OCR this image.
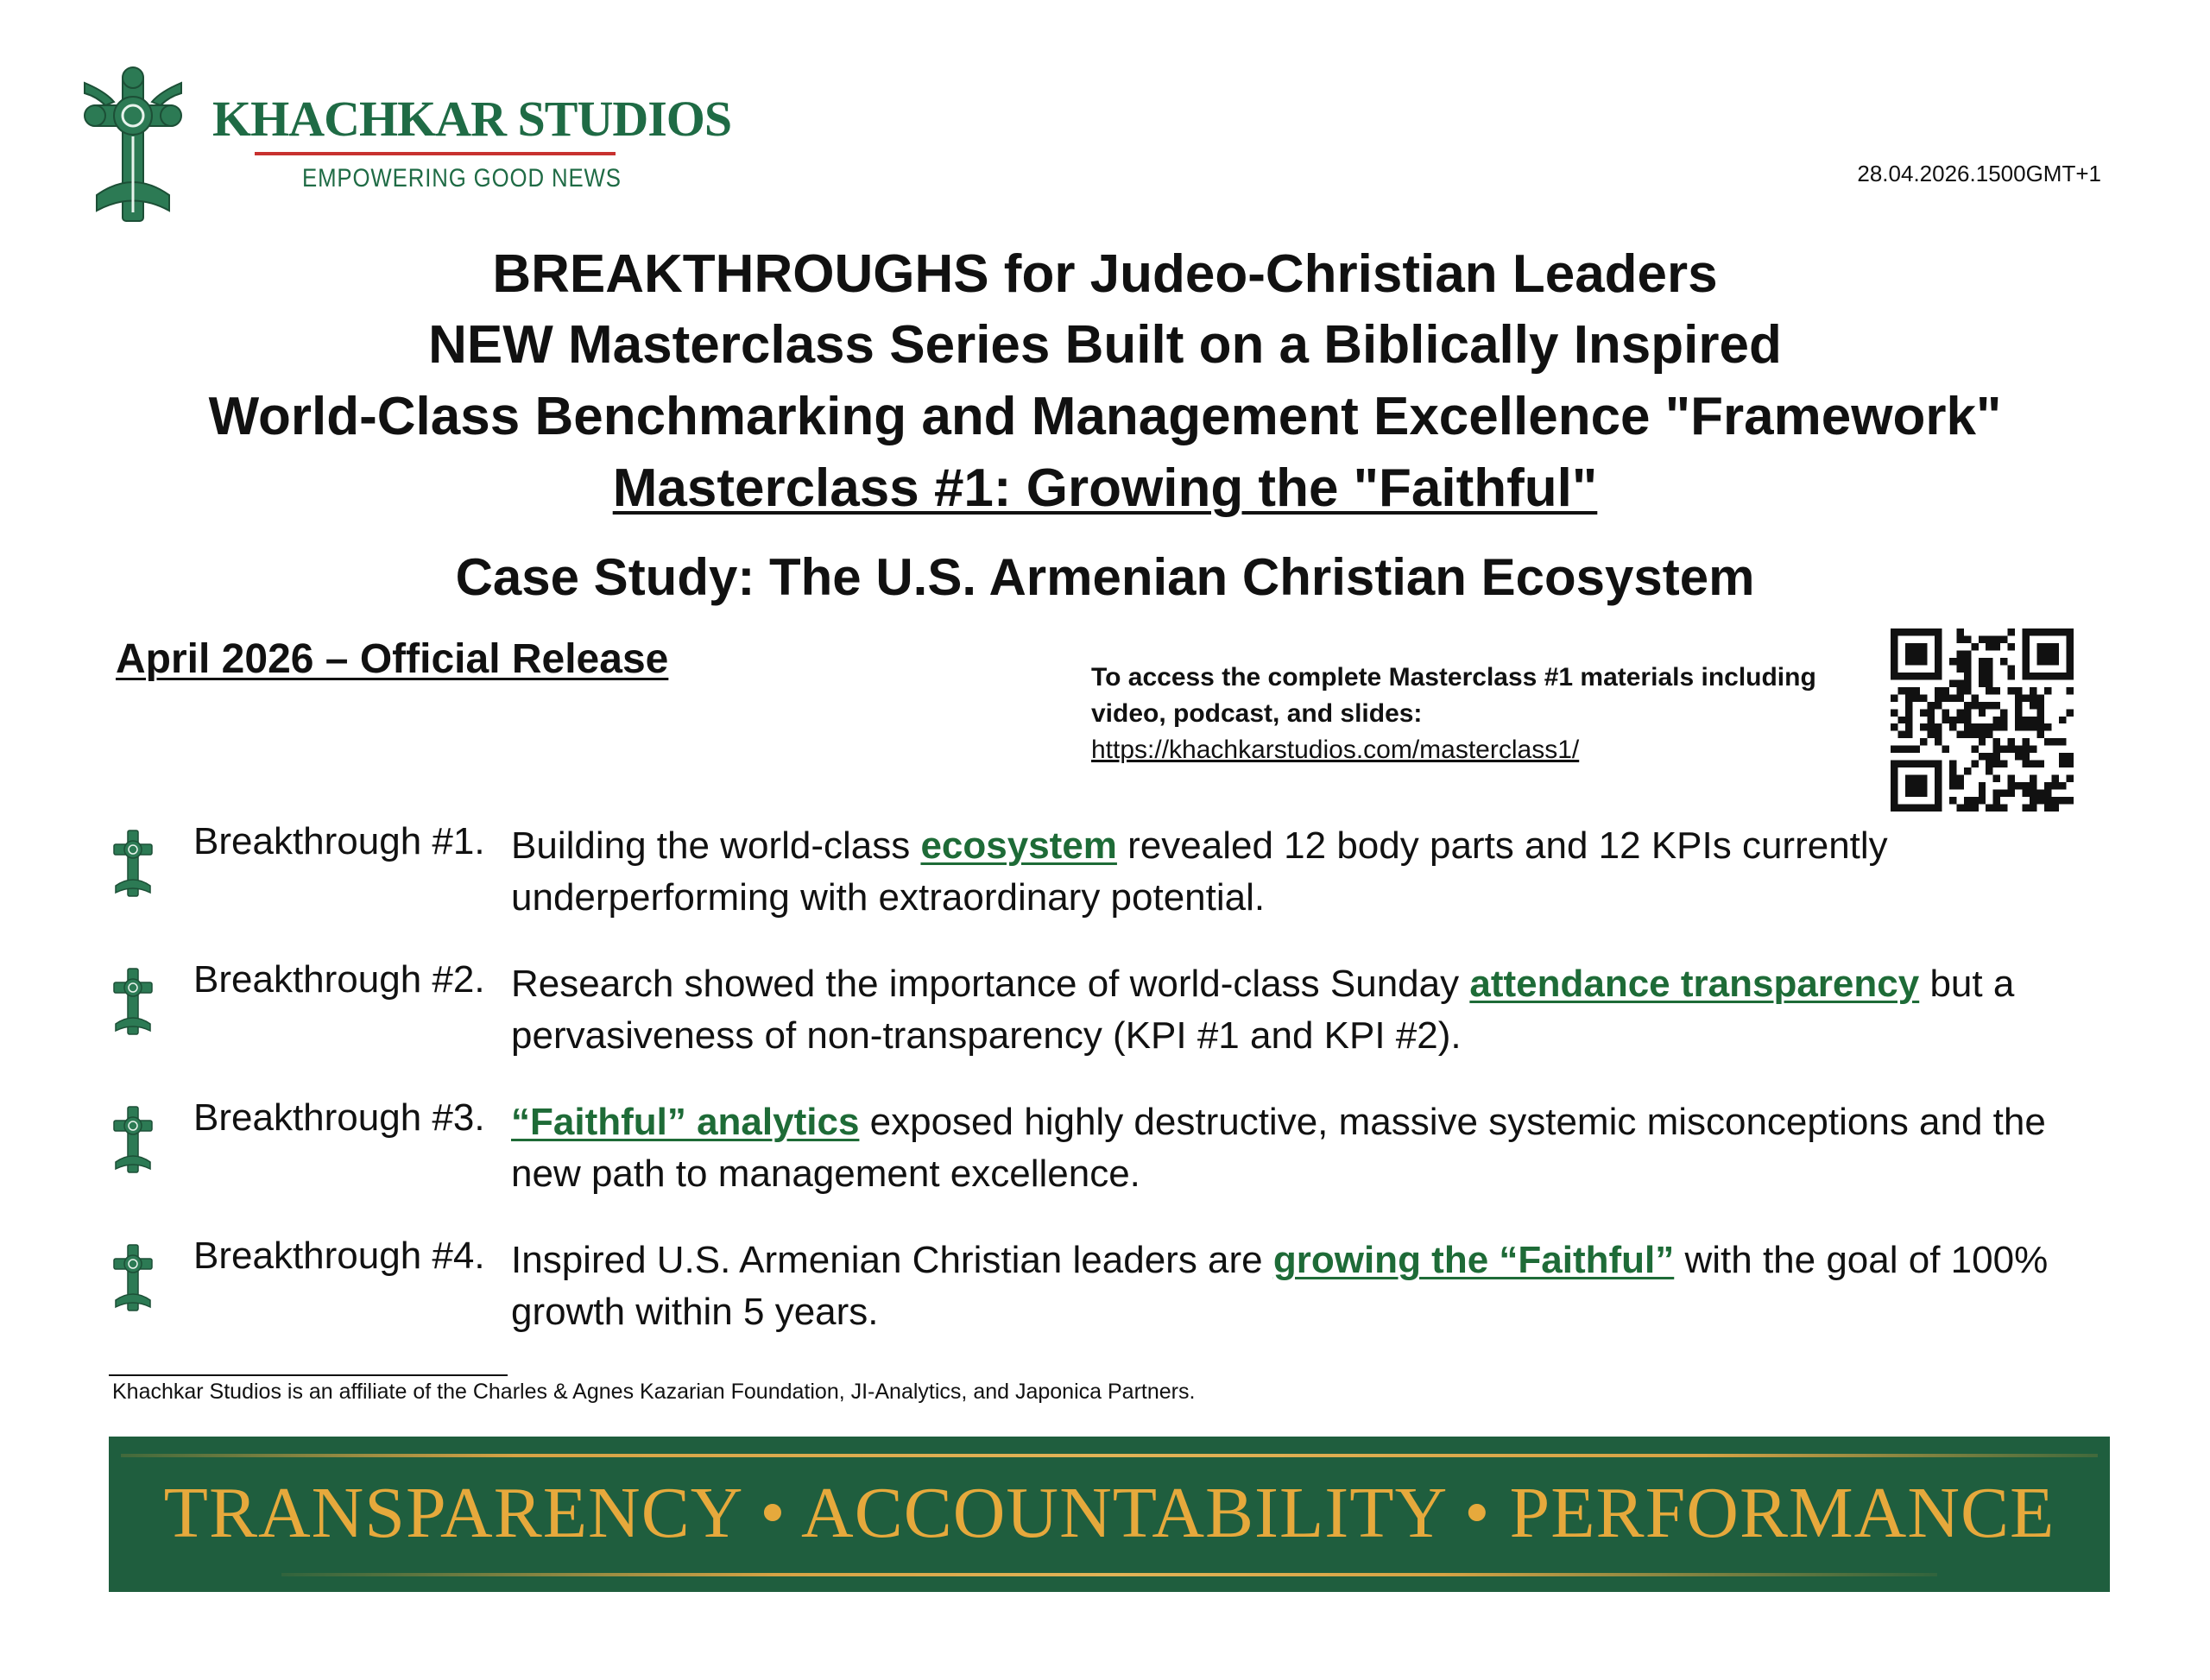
KHACHKAR STUDIOS
EMPOWERING GOOD NEWS	28.04.2026.1500GMT+1
BREAKTHROUGHS for Judeo-Christian Leaders
NEW Masterclass Series Built on a Biblically Inspired
World-Class Benchmarking and Management Excellence "Framework"
Masterclass #1: Growing the "Faithful"
Case Study: The U.S. Armenian Christian Ecosystem
April 2026 – Official Release	To access the complete Masterclass #1 materials including video, podcast, and slides:
https://khachkarstudios.com/masterclass1/
Breakthrough #1. Building the world-class ecosystem revealed 12 body parts and 12 KPIs currently underperforming with extraordinary potential.
Breakthrough #2. Research showed the importance of world-class Sunday attendance transparency but a pervasiveness of non-transparency (KPI #1 and KPI #2).
Breakthrough #3. “Faithful” analytics exposed highly destructive, massive systemic misconceptions and the new path to management excellence.
Breakthrough #4. Inspired U.S. Armenian Christian leaders are growing the “Faithful” with the goal of 100% growth within 5 years.
Khachkar Studios is an affiliate of the Charles & Agnes Kazarian Foundation, JI-Analytics, and Japonica Partners.
TRANSPARENCY • ACCOUNTABILITY • PERFORMANCE
